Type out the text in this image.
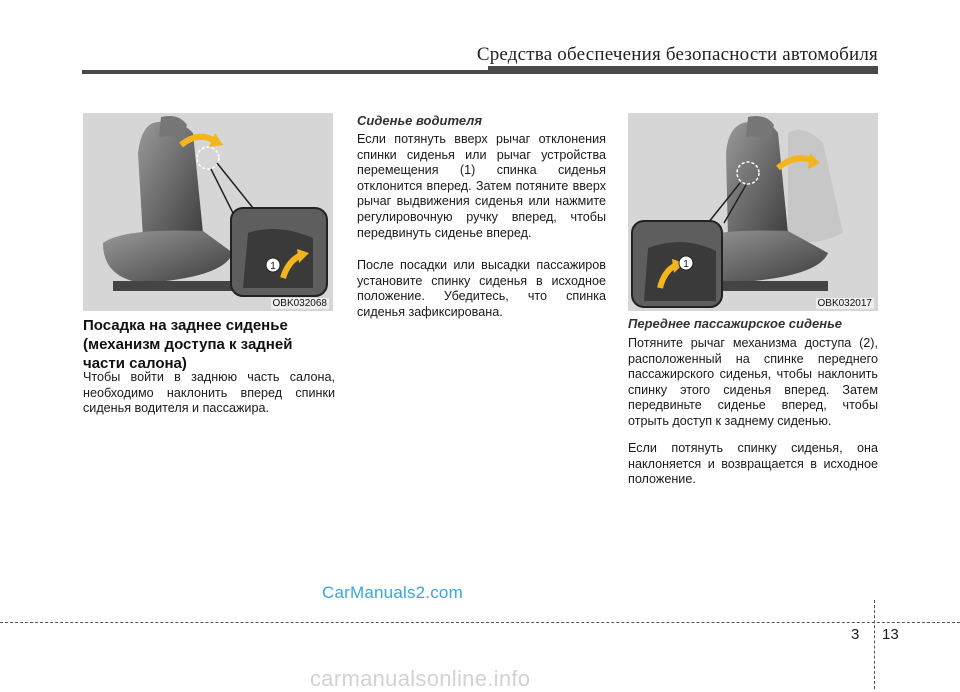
Средства обеспечения безопасности автомобиля
1
OBK032068
Посадка на заднее сиденье (механизм доступа к задней части салона)

Чтобы войти в заднюю часть салона, необходимо наклонить вперед спинки сиденья водителя и пассажира.

Сиденье водителя

Если потянуть вверх рычаг отклонения спинки сиденья или рычаг устройства перемещения (1) спинка сиденья отклонится вперед. Затем потяните вверх рычаг выдвижения сиденья или нажмите регулировочную ручку вперед, чтобы передвинуть сиденье вперед.

После посадки или высадки пассажиров установите спинку сиденья в исходное положение. Убедитесь, что спинка сиденья зафиксирована.

1
OBK032017
Переднее пассажирское сиденье

Потяните рычаг механизма доступа (2), расположенный на спинке переднего пассажирского сиденья, чтобы наклонить спинку этого сиденья вперед. Затем передвиньте сиденье вперед, чтобы отрыть доступ к заднему сиденью.

Если потянуть спинку сиденья, она наклоняется и возвращается в исходное положение.

CarManuals2.com
3 13
carmanualsonline.info
